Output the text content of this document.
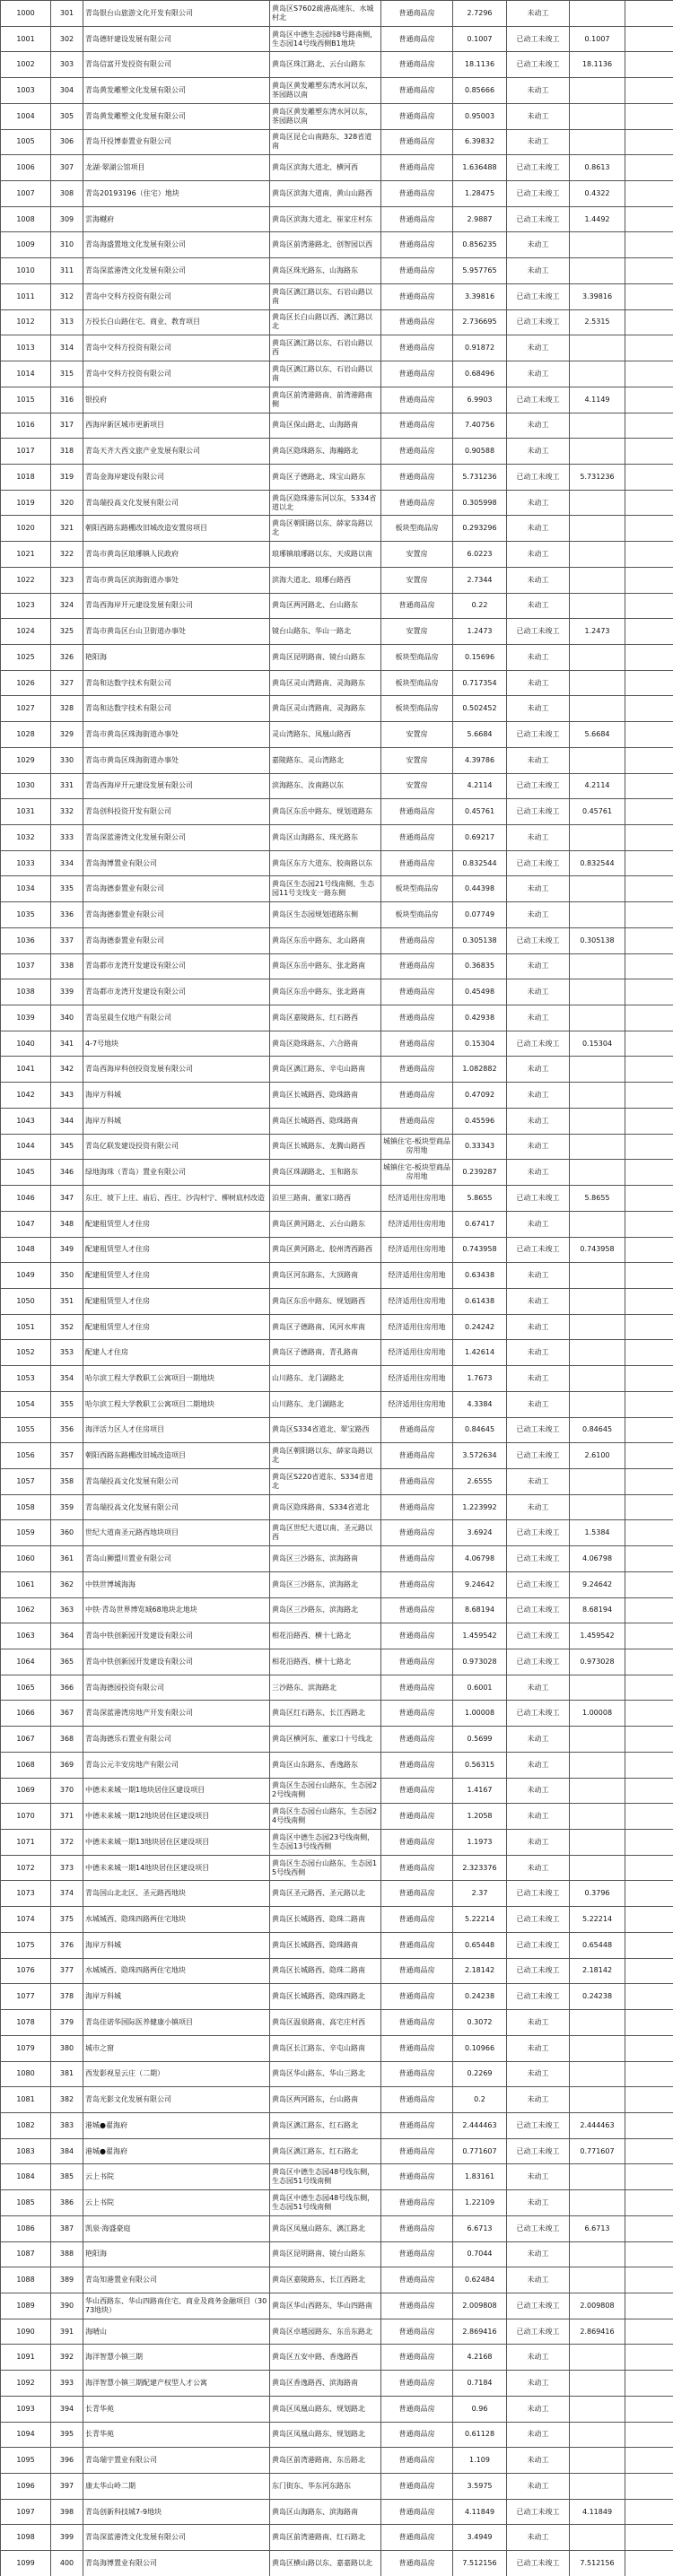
1000	301	青岛银台山旅游文化开发有限公司	黄岛区S7602疏港高速东、水城村北	普通商品房	2.7296	未动工		
1001	302	青岛德轩建设发展有限公司	黄岛区中德生态园纬8号路南侧，生态园14号线西侧B1地块	普通商品房	0.1007	已动工未竣工	0.1007	
1002	303	青岛信富开发投资有限公司	黄岛区珠江路北、云台山路东	普通商品房	18.1136	已动工未竣工	18.1136	
1003	304	青岛黄发雕塑文化发展有限公司	黄岛区黄发雕塑东湾水河以东，茶园路以南	普通商品房	0.85666	未动工		
1004	305	青岛黄发雕塑文化发展有限公司	黄岛区黄发雕塑东湾水河以东，茶园路以南	普通商品房	0.95003	未动工		
1005	306	青岛开投博泰置业有限公司	黄岛区昆仑山南路东、328省道南	普通商品房	6.39832	未动工		
1006	307	龙湖·翠湖公馆项目	黄岛区滨海大道北、横河西	普通商品房	1.636488	已动工未竣工	0.8613	
1007	308	青岛20193196（住宅）地块	黄岛区滨海大道南、黄山山路西	普通商品房	1.28475	已动工未竣工	0.4322	
1008	309	雲海樾府	黄岛区滨海大道北、崔家庄村东	普通商品房	2.9887	已动工未竣工	1.4492	
1009	310	青岛海盛置地文化发展有限公司	黄岛区前湾港路北、创智园以西	普通商品房	0.856235	未动工		
1010	311	青岛深蓝港湾文化发展有限公司	黄岛区珠光路东、山海路东	普通商品房	5.957765	未动工		
1011	312	青岛中交科方投资有限公司	黄岛区漓江路以东、石岩山路以南	普通商品房	3.39816	已动工未竣工	3.39816	
1012	313	万投长白山路住宅、商业、教育项目	黄岛区长白山路以西、漓江路以北	普通商品房	2.736695	已动工未竣工	2.5315	
1013	314	青岛中交科方投资有限公司	黄岛区漓江路以东、石岩山路以西	普通商品房	0.91872	未动工		
1014	315	青岛中交科方投资有限公司	黄岛区漓江路以东、石岩山路以南	普通商品房	0.68496	未动工		
1015	316	银投府	黄岛区前湾港路南、前湾港路南侧	普通商品房	6.9903	已动工未竣工	4.1149	
1016	317	西海岸新区城市更新项目	黄岛区保山路北、山海路南	普通商品房	7.40756	未动工		
1017	318	青岛天齐大西文旅产业发展有限公司	黄岛区隐珠路东、海瀚路北	普通商品房	0.90588	未动工		
1018	319	青岛金海岸建设有限公司	黄岛区子德路北、珠宝山路东	普通商品房	5.731236	已动工未竣工	5.731236	
1019	320	青岛瑞投高文化发展有限公司	黄岛区隐珠港东河以东，5334省道以北	普通商品房	0.305998	未动工		
1020	321	朝阳西路东路棚改旧城改造安置房项目	黄岛区朝阳路以东、薛家岛路以北	板块型商品房	0.293296	未动工		
1021	322	青岛市黄岛区琅琊镇人民政府	琅琊镇琅琊路以东、天成路以南	安置房	6.0223	未动工		
1022	323	青岛市黄岛区滨海街道办事处	滨海大道北、琅琊台路西	安置房	2.7344	未动工		
1023	324	青岛西海岸开元建设发展有限公司	黄岛区两河路北、台山路东	普通商品房	0.22	未动工		
1024	325	青岛市黄岛区台山卫街道办事处	镜台山路东、华山一路北	安置房	1.2473	已动工未竣工	1.2473	
1025	326	艳阳海	黄岛区昆明路南、镜台山路东	板块型商品房	0.15696	未动工		
1026	327	青岛和达数字技术有限公司	黄岛区灵山湾路南、灵海路东	板块型商品房	0.717354	未动工		
1027	328	青岛和达数字技术有限公司	黄岛区灵山湾路南、灵海路东	板块型商品房	0.502452	未动工		
1028	329	青岛市黄岛区珠海街道办事处	灵山湾路东、凤凰山路西	安置房	5.6684	已动工未竣工	5.6684	
1029	330	青岛市黄岛区珠海街道办事处	嘉陵路东、灵山湾路北	安置房	4.39786	未动工		
1030	331	青岛西海岸开元建设发展有限公司	滨海路东、汝南路以东	安置房	4.2114	已动工未竣工	4.2114	
1031	332	青岛创科投资开发有限公司	黄岛区东岳中路东、规划道路东	普通商品房	0.45761	已动工未竣工	0.45761	
1032	333	青岛深蓝港湾文化发展有限公司	黄岛区山海路东、珠光路东	普通商品房	0.69217	未动工		
1033	334	青岛海博置业有限公司	黄岛区东方大道东、胶南路以东	普通商品房	0.832544	已动工未竣工	0.832544	
1034	335	青岛海德泰置业有限公司	黄岛区生态园21号线南侧、生态园11号支线支一路东侧	板块型商品房	0.44398	未动工		
1035	336	青岛海德泰置业有限公司	黄岛区生态园规划道路东侧	板块型商品房	0.07749	未动工		
1036	337	青岛海德泰置业有限公司	黄岛区东岳中路东、北山路南	普通商品房	0.305138	已动工未竣工	0.305138	
1037	338	青岛都市龙湾开发建设有限公司	黄岛区东岳中路东、张北路南	普通商品房	0.36835	未动工		
1038	339	青岛都市龙湾开发建设有限公司	黄岛区东岳中路东、张北路南	普通商品房	0.45498	未动工		
1039	340	青岛星晨生仪地产有限公司	黄岛区嘉陵路东、红石路西	普通商品房	0.42938	未动工		
1040	341	4-7号地块	黄岛区隐珠路东、六合路南	普通商品房	0.15304	已动工未竣工	0.15304	
1041	342	青岛西海岸科创投资发展有限公司	黄岛区漓江路东、辛屯山路南	普通商品房	1.082882	未动工		
1042	343	海岸万科城	黄岛区长城路西、隐珠路南	普通商品房	0.47092	未动工		
1043	344	海岸万科城	黄岛区长城路西、隐珠路南	普通商品房	0.45596	未动工		
1044	345	青岛亿联发建设投资有限公司	黄岛区长城路东、龙腾山路西	城镇住宅-板块型商品房用地	0.33343	未动工		
1045	346	绿地海珠（青岛）置业有限公司	黄岛区珠湖路北、玉和路东	城镇住宅-板块型商品房用地	0.239287	未动工		
1046	347	东庄、坡下上庄、庙后、西庄、沙沟村宁、柳树底村改造	泊里三路南、董家口路西	经济适用住房用地	5.8655	已动工未竣工	5.8655	
1047	348	配建租赁型人才住房	黄岛区黄河路北、云台山路东	经济适用住房用地	0.67417	未动工		
1048	349	配建租赁型人才住房	黄岛区黄河路北、胶州湾西路西	经济适用住房用地	0.743958	已动工未竣工	0.743958	
1049	350	配建租赁型人才住房	黄岛区河东路东、大顶路南	经济适用住房用地	0.63438	未动工		
1050	351	配建租赁型人才住房	黄岛区东岳中路东、规划路西	经济适用住房用地	0.61438	未动工		
1051	352	配建租赁型人才住房	黄岛区子德路南、风河水库南	经济适用住房用地	0.24242	未动工		
1052	353	配建人才住房	黄岛区子德路南、青孔路南	经济适用住房用地	1.42614	未动工		
1053	354	哈尔滨工程大学教职工公寓项目一期地块	山川路东、龙门湖路北	经济适用住房用地	1.7673	未动工		
1054	355	哈尔滨工程大学教职工公寓项目二期地块	山川路东、龙门湖路北	经济适用住房用地	4.3384	未动工		
1055	356	海洋活力区人才住房项目	黄岛区S334省道北、翠宝路西	普通商品房	0.84645	已动工未竣工	0.84645	
1056	357	朝阳西路东路棚改旧城改造项目	黄岛区朝阳路以东、薛家岛路以北	普通商品房	3.572634	已动工未竣工	2.6100	
1057	358	青岛瑞投高文化发展有限公司	黄岛区S220省道东、S334省道北	普通商品房	2.6555	未动工		
1058	359	青岛瑞投高文化发展有限公司	黄岛区隐珠路南、S334省道北	普通商品房	1.223992	未动工		
1059	360	世纪大道南圣元路西地块项目	黄岛区世纪大道以南、圣元路以西	普通商品房	3.6924	已动工未竣工	1.5384	
1060	361	青岛山狮盟川置业有限公司	黄岛区三沙路东、滨海路南	普通商品房	4.06798	已动工未竣工	4.06798	
1061	362	中铁世博城海海	黄岛区三沙路东、滨海路北	普通商品房	9.24642	已动工未竣工	9.24642	
1062	363	中铁·青岛世界博览城68地块北地块	黄岛区三沙路东、滨海路北	普通商品房	8.68194	已动工未竣工	8.68194	
1063	364	青岛中铁创新园开发建设有限公司	相花沿路西、横十七路北	普通商品房	1.459542	已动工未竣工	1.459542	
1064	365	青岛中铁创新园开发建设有限公司	相花沿路西、横十七路北	普通商品房	0.973028	已动工未竣工	0.973028	
1065	366	青岛海德园投资有限公司	三沙路东、滨海路北	普通商品房	0.6001	未动工		
1066	367	青岛深蓝港湾房地产开发有限公司	黄岛区红石路东、长江西路北	普通商品房	1.00008	已动工未竣工	1.00008	
1067	368	青岛海德乐石置业有限公司	黄岛区横河东、董家口十号线北	普通商品房	0.5699	未动工		
1068	369	青岛公元丰安房地产有限公司	黄岛区山东路东、香逸路东	普通商品房	0.56315	未动工		
1069	370	中德未来城一期1地块居住区建设项目	黄岛区生态园台山路东，生态园22号线南侧	普通商品房	1.4167	未动工		
1070	371	中德未来城一期12地块居住区建设项目	黄岛区生态园台山路东，生态园24号线南侧	普通商品房	1.2058	未动工		
1071	372	中德未来城一期13地块居住区建设项目	黄岛区中德生态园23号线南侧，生态园13号线西侧	普通商品房	1.1973	未动工		
1072	373	中德未来城一期14地块居住区建设项目	黄岛区生态园台山路东，生态园15号线西侧	普通商品房	2.323376	未动工		
1073	374	青岛国山北北区、圣元路西地块	黄岛区圣元路西、圣元路以北	普通商品房	2.37	已动工未竣工	0.3796	
1074	375	水城城西、隐珠四路两住宅地块	黄岛区长城路西、隐珠二路南	普通商品房	5.22214	已动工未竣工	5.22214	
1075	376	海岸万科城	黄岛区长城路西、隐珠路南	普通商品房	0.65448	已动工未竣工	0.65448	
1076	377	水城城西、隐珠四路两住宅地块	黄岛区长城路西、隐珠二路南	普通商品房	2.18142	已动工未竣工	2.18142	
1077	378	海岸万科城	黄岛区长城路西、隐珠四路北	普通商品房	0.24238	已动工未竣工	0.24238	
1078	379	青岛佳诺华国际医养健康小镇项目	黄岛区温泉路南、高宅庄村西	普通商品房	0.3072	未动工		
1079	380	城市之窗	黄岛区长江路东、辛屯山路南	普通商品房	0.10966	未动工		
1080	381	西发影视星云庄（二期）	黄岛区华山路东、华山三路北	普通商品房	0.2269	未动工		
1081	382	青岛光影文化发展有限公司	黄岛区两河路东，台山路南	普通商品房	0.2	未动工		
1082	383	港城●翟海府	黄岛区漓江路东、红石路北	普通商品房	2.444463	已动工未竣工	2.444463	
1083	384	港城●翟海府	黄岛区漓江路东、红石路北	普通商品房	0.771607	已动工未竣工	0.771607	
1084	385	云上书院	黄岛区中德生态园48号线东侧，生态园51号线南侧	普通商品房	1.83161	未动工		
1085	386	云上书院	黄岛区中德生态园48号线东侧，生态园51号线南侧	普通商品房	1.22109	未动工		
1086	387	凯泉·海盛豪庭	黄岛区凤凰山路东、漓江路北	普通商品房	6.6713	已动工未竣工	6.6713	
1087	388	艳阳海	黄岛区昆明路南、镜台山路东	普通商品房	0.7044	未动工		
1088	389	青岛知港置业有限公司	黄岛区嘉陵路东、长江西路北	普通商品房	0.62484	未动工		
1089	390	华山西路东、华山四路南住宅、商业及商务金融项目（3073地块）	黄岛区华山西路东、华山四路南	普通商品房	2.009808	已动工未竣工	2.009808	
1090	391	海晴山	黄岛区卓越园路东、东岳东路北	普通商品房	2.869416	已动工未竣工	2.869416	
1091	392	海洋智慧小镇三期	黄岛区五安中路、香逸路西	普通商品房	4.2168	未动工		
1092	393	海洋智慧小镇三期配建产权型人才公寓	黄岛区香逸路西、滨海路南	普通商品房	0.7184	未动工		
1093	394	长青华苑	黄岛区凤凰山路东、规划路北	普通商品房	0.96	未动工		
1094	395	长青华苑	黄岛区凤凰山路东、规划路北	普通商品房	0.61128	未动工		
1095	396	青岛瑞宇置业有限公司	黄岛区前湾港路南、东岳路北	普通商品房	1.109	未动工		
1096	397	康太华山岭二期	东门街东、华东河东路东	普通商品房	3.5975	未动工		
1097	398	青岛创新科技城7-9地块	黄岛区山海路东、滨海路南	普通商品房	4.11849	已动工未竣工	4.11849	
1098	399	青岛深蓝港湾文化发展有限公司	黄岛区前湾港路南、红石路北	普通商品房	3.4949	未动工		
1099	400	青岛海博置业有限公司	黄岛区横山路以东、嘉嘉路以北	普通商品房	7.512156	已动工未竣工	7.512156	
